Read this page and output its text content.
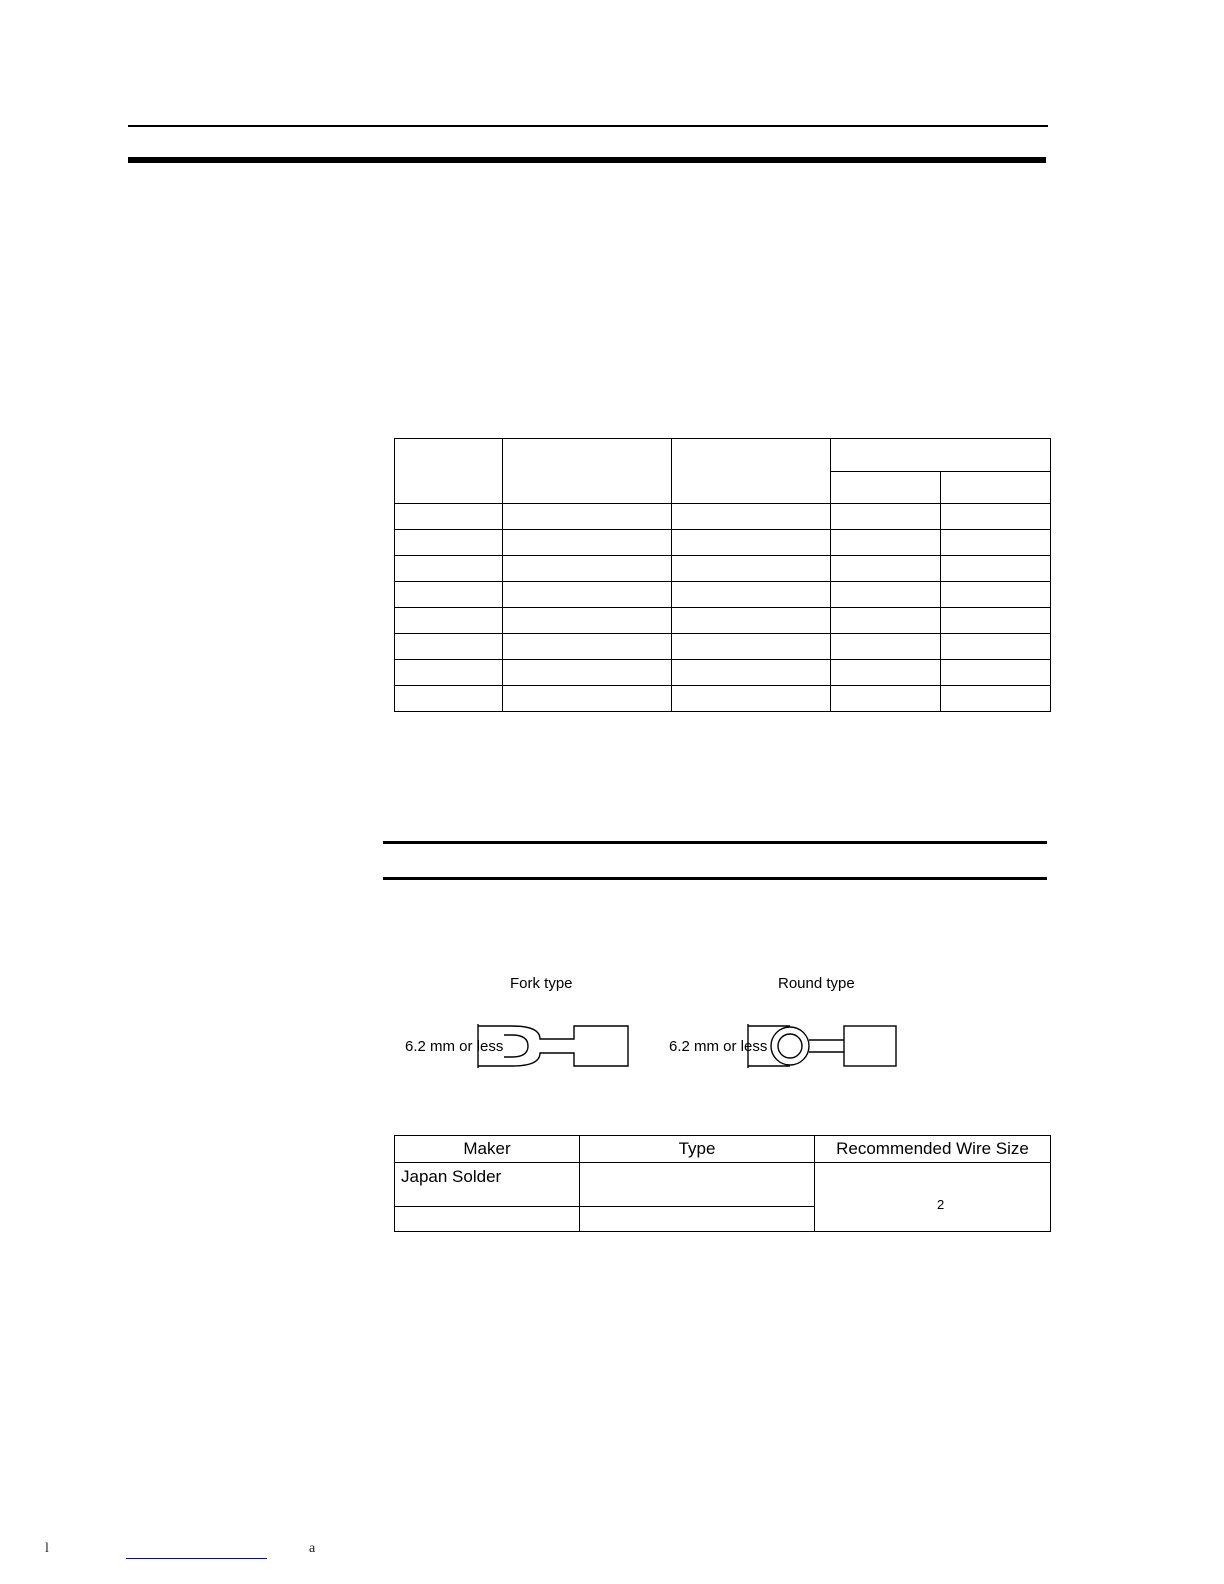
Fork type	Round type
6.2 mm or less	6.2 mm or less
Maker	Type	Recommended Wire Size
Japan Solder		2

l	a
